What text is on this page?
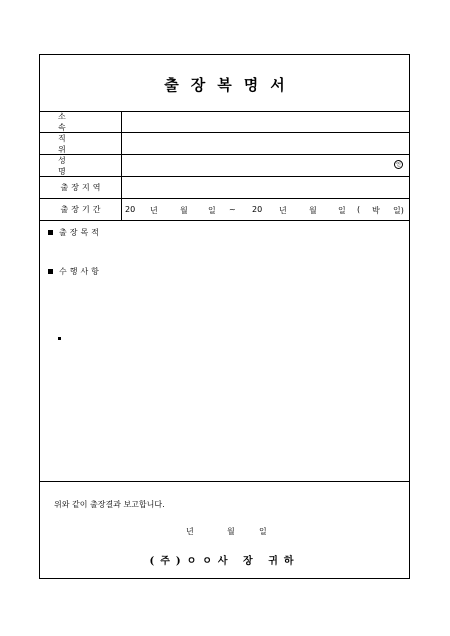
출장복명서
소 속
직 위
성 명
인
출장지역
출장기간	20 년	월	일 ~ 20 년	월	일 ( 박 일)
출장목적
수행사항
위와 같이 출장결과 보고합니다.
년	월	일
(주)ㅇㅇ사 장 귀하
